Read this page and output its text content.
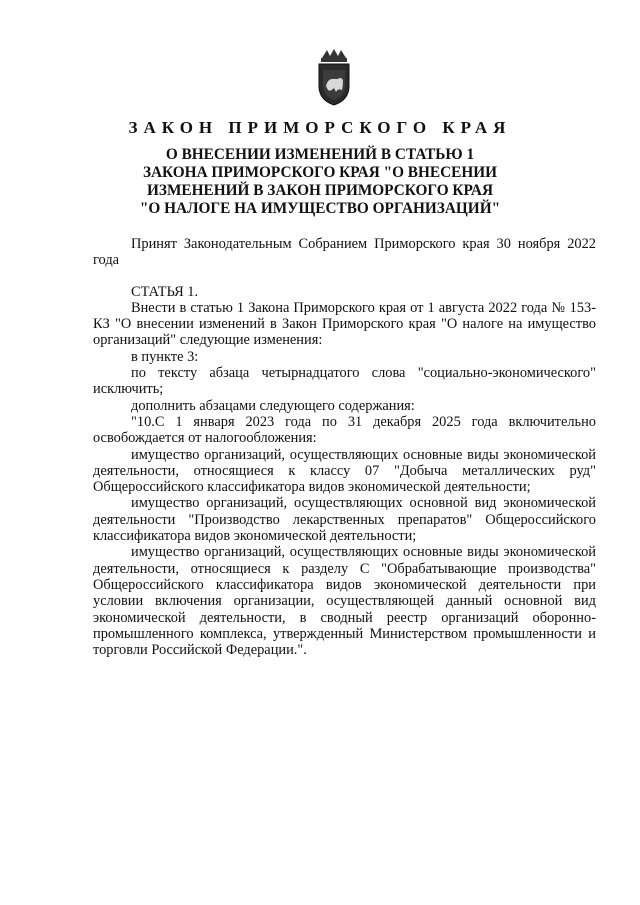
ЗАКОН ПРИМОРСКОГО КРАЯ
О ВНЕСЕНИИ ИЗМЕНЕНИЙ В СТАТЬЮ 1
ЗАКОНА ПРИМОРСКОГО КРАЯ "О ВНЕСЕНИИ
ИЗМЕНЕНИЙ В ЗАКОН ПРИМОРСКОГО КРАЯ
"О НАЛОГЕ НА ИМУЩЕСТВО ОРГАНИЗАЦИЙ"

Принят Законодательным Собранием Приморского края 30 ноября 2022 года

СТАТЬЯ 1.

Внести в статью 1 Закона Приморского края от 1 августа 2022 года № 153-КЗ "О внесении изменений в Закон Приморского края "О налоге на имущество организаций" следующие изменения:

в пункте 3:

по тексту абзаца четырнадцатого слова "социально-экономического" исключить;

дополнить абзацами следующего содержания:

"10.С 1 января 2023 года по 31 декабря 2025 года включительно освобождается от налогообложения:

имущество организаций, осуществляющих основные виды экономической деятельности, относящиеся к классу 07 "Добыча металлических руд" Общероссийского классификатора видов экономической деятельности;

имущество организаций, осуществляющих основной вид экономической деятельности "Производство лекарственных препаратов" Общероссийского классификатора видов экономической деятельности;

имущество организаций, осуществляющих основные виды экономической деятельности, относящиеся к разделу С "Обрабатывающие производства" Общероссийского классификатора видов экономической деятельности при условии включения организации, осуществляющей данный основной вид экономической деятельности, в сводный реестр организаций оборонно-промышленного комплекса, утвержденный Министерством промышленности и торговли Российской Федерации.".
